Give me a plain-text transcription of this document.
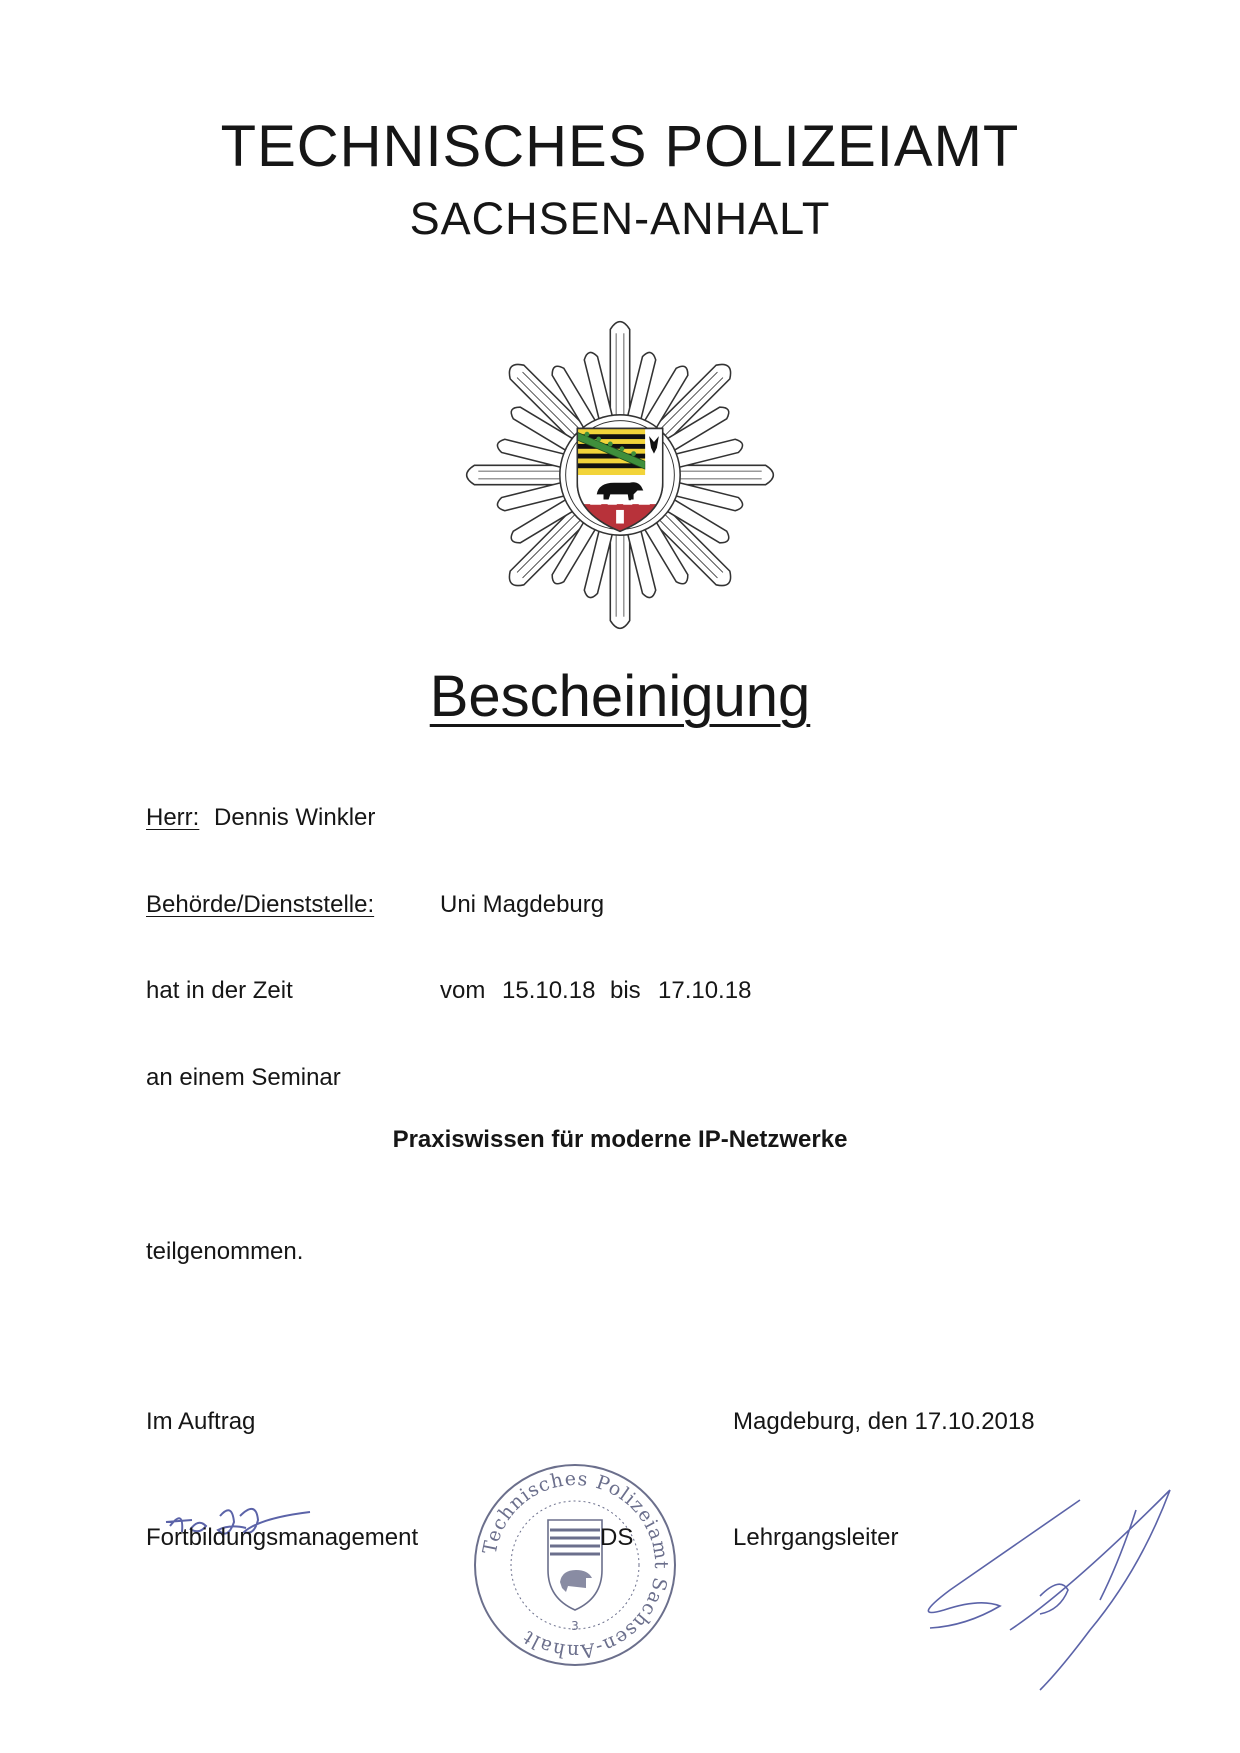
TECHNISCHES POLIZEIAMT
SACHSEN-ANHALT
Bescheinigung
Herr: Dennis Winkler
Behörde/Dienststelle:	Uni Magdeburg
hat in der Zeit	vom 15.10.18 bis 17.10.18
an einem Seminar
Praxiswissen für moderne IP-Netzwerke
teilgenommen.
Im Auftrag	Magdeburg, den 17.10.2018
Fortbildungsmanagement	Lehrgangsleiter
Technisches Polizeiamt Sachsen-Anhalt	3
DS
